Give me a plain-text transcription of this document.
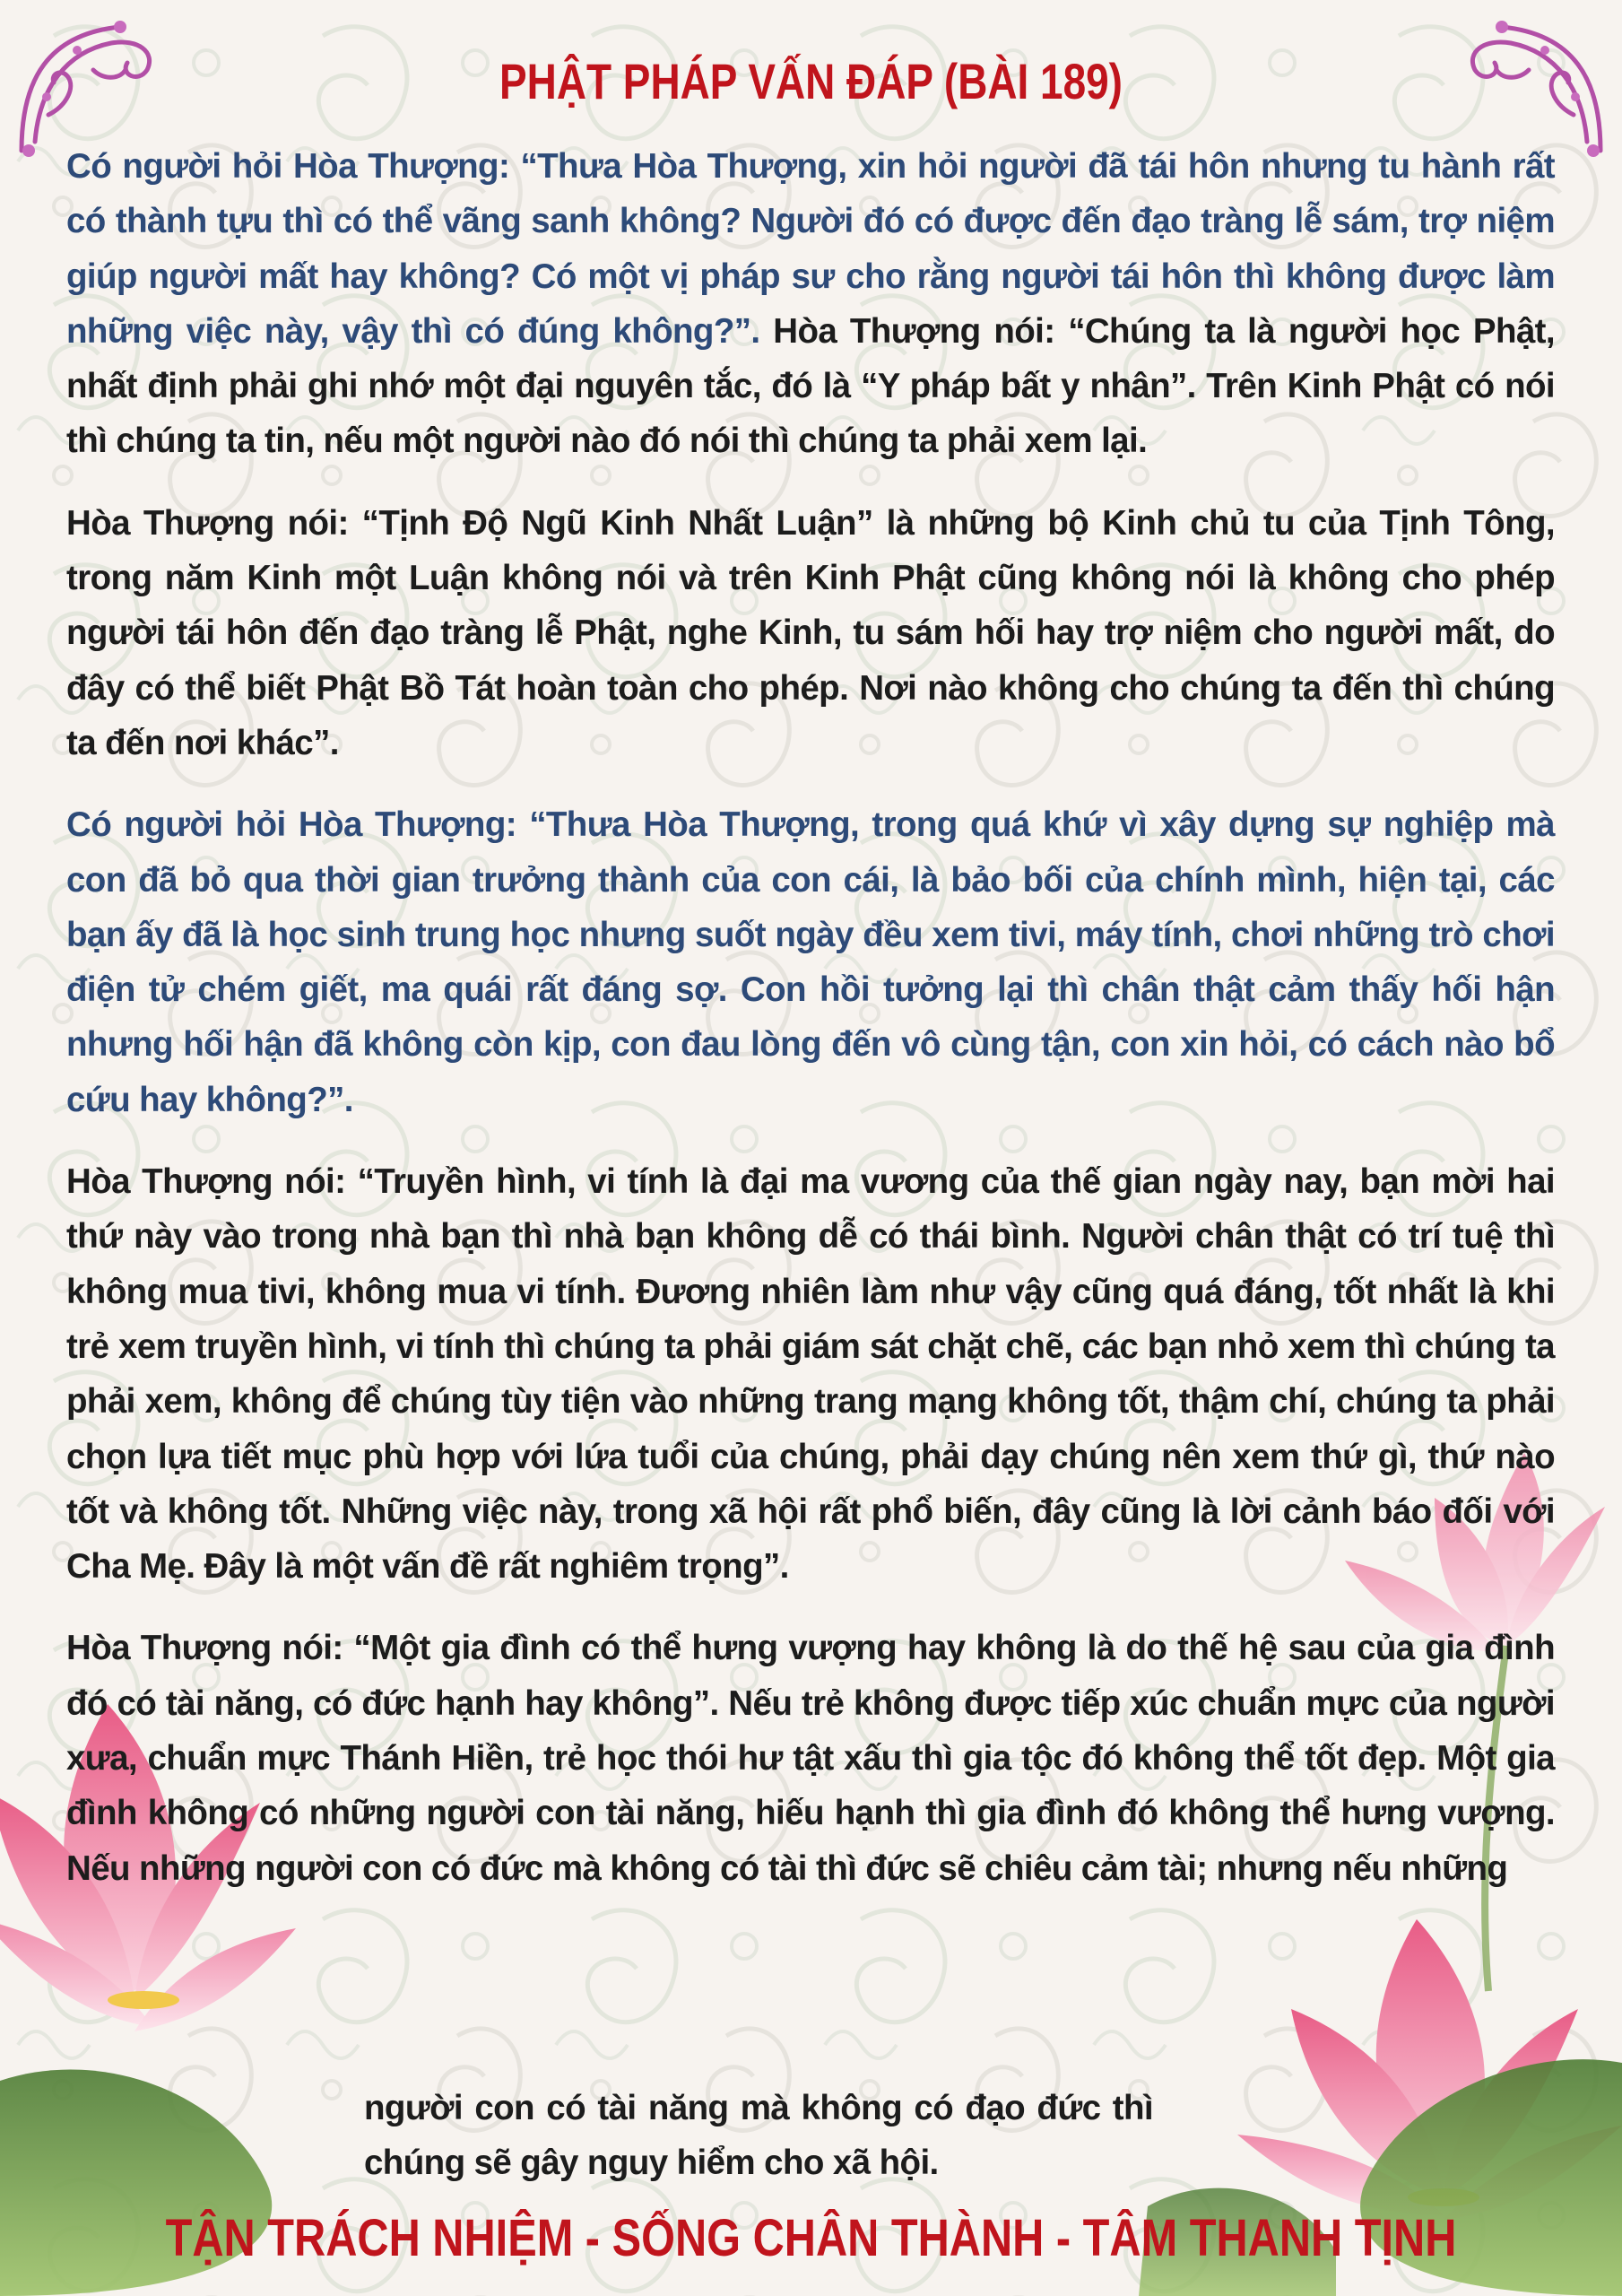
PHẬT PHÁP VẤN ĐÁP (BÀI 189)

Có người hỏi Hòa Thượng: “Thưa Hòa Thượng, xin hỏi người đã tái hôn nhưng tu hành rất có thành tựu thì có thể vãng sanh không? Người đó có được đến đạo tràng lễ sám, trợ niệm giúp người mất hay không? Có một vị pháp sư cho rằng người tái hôn thì không được làm những việc này, vậy thì có đúng không?”. Hòa Thượng nói: “Chúng ta là người học Phật, nhất định phải ghi nhớ một đại nguyên tắc, đó là “Y pháp bất y nhân”. Trên Kinh Phật có nói thì chúng ta tin, nếu một người nào đó nói thì chúng ta phải xem lại.

Hòa Thượng nói: “Tịnh Độ Ngũ Kinh Nhất Luận” là những bộ Kinh chủ tu của Tịnh Tông, trong năm Kinh một Luận không nói và trên Kinh Phật cũng không nói là không cho phép người tái hôn đến đạo tràng lễ Phật, nghe Kinh, tu sám hối hay trợ niệm cho người mất, do đây có thể biết Phật Bồ Tát hoàn toàn cho phép. Nơi nào không cho chúng ta đến thì chúng ta đến nơi khác”.

Có người hỏi Hòa Thượng: “Thưa Hòa Thượng, trong quá khứ vì xây dựng sự nghiệp mà con đã bỏ qua thời gian trưởng thành của con cái, là bảo bối của chính mình, hiện tại, các bạn ấy đã là học sinh trung học nhưng suốt ngày đều xem tivi, máy tính, chơi những trò chơi điện tử chém giết, ma quái rất đáng sợ. Con hồi tưởng lại thì chân thật cảm thấy hối hận nhưng hối hận đã không còn kịp, con đau lòng đến vô cùng tận, con xin hỏi, có cách nào bổ cứu hay không?”.

Hòa Thượng nói: “Truyền hình, vi tính là đại ma vương của thế gian ngày nay, bạn mời hai thứ này vào trong nhà bạn thì nhà bạn không dễ có thái bình. Người chân thật có trí tuệ thì không mua tivi, không mua vi tính. Đương nhiên làm như vậy cũng quá đáng, tốt nhất là khi trẻ xem truyền hình, vi tính thì chúng ta phải giám sát chặt chẽ, các bạn nhỏ xem thì chúng ta phải xem, không để chúng tùy tiện vào những trang mạng không tốt, thậm chí, chúng ta phải chọn lựa tiết mục phù hợp với lứa tuổi của chúng, phải dạy chúng nên xem thứ gì, thứ nào tốt và không tốt. Những việc này, trong xã hội rất phổ biến, đây cũng là lời cảnh báo đối với Cha Mẹ. Đây là một vấn đề rất nghiêm trọng”.

Hòa Thượng nói: “Một gia đình có thể hưng vượng hay không là do thế hệ sau của gia đình đó có tài năng, có đức hạnh hay không”. Nếu trẻ không được tiếp xúc chuẩn mực của người xưa, chuẩn mực Thánh Hiền, trẻ học thói hư tật xấu thì gia tộc đó không thể tốt đẹp. Một gia đình không có những người con tài năng, hiếu hạnh thì gia đình đó không thể hưng vượng. Nếu những người con có đức mà không có tài thì đức sẽ chiêu cảm tài; nhưng nếu những

người con có tài năng mà không có đạo đức thì chúng sẽ gây nguy hiểm cho xã hội.
TẬN TRÁCH NHIỆM - SỐNG CHÂN THÀNH - TÂM THANH TỊNH
